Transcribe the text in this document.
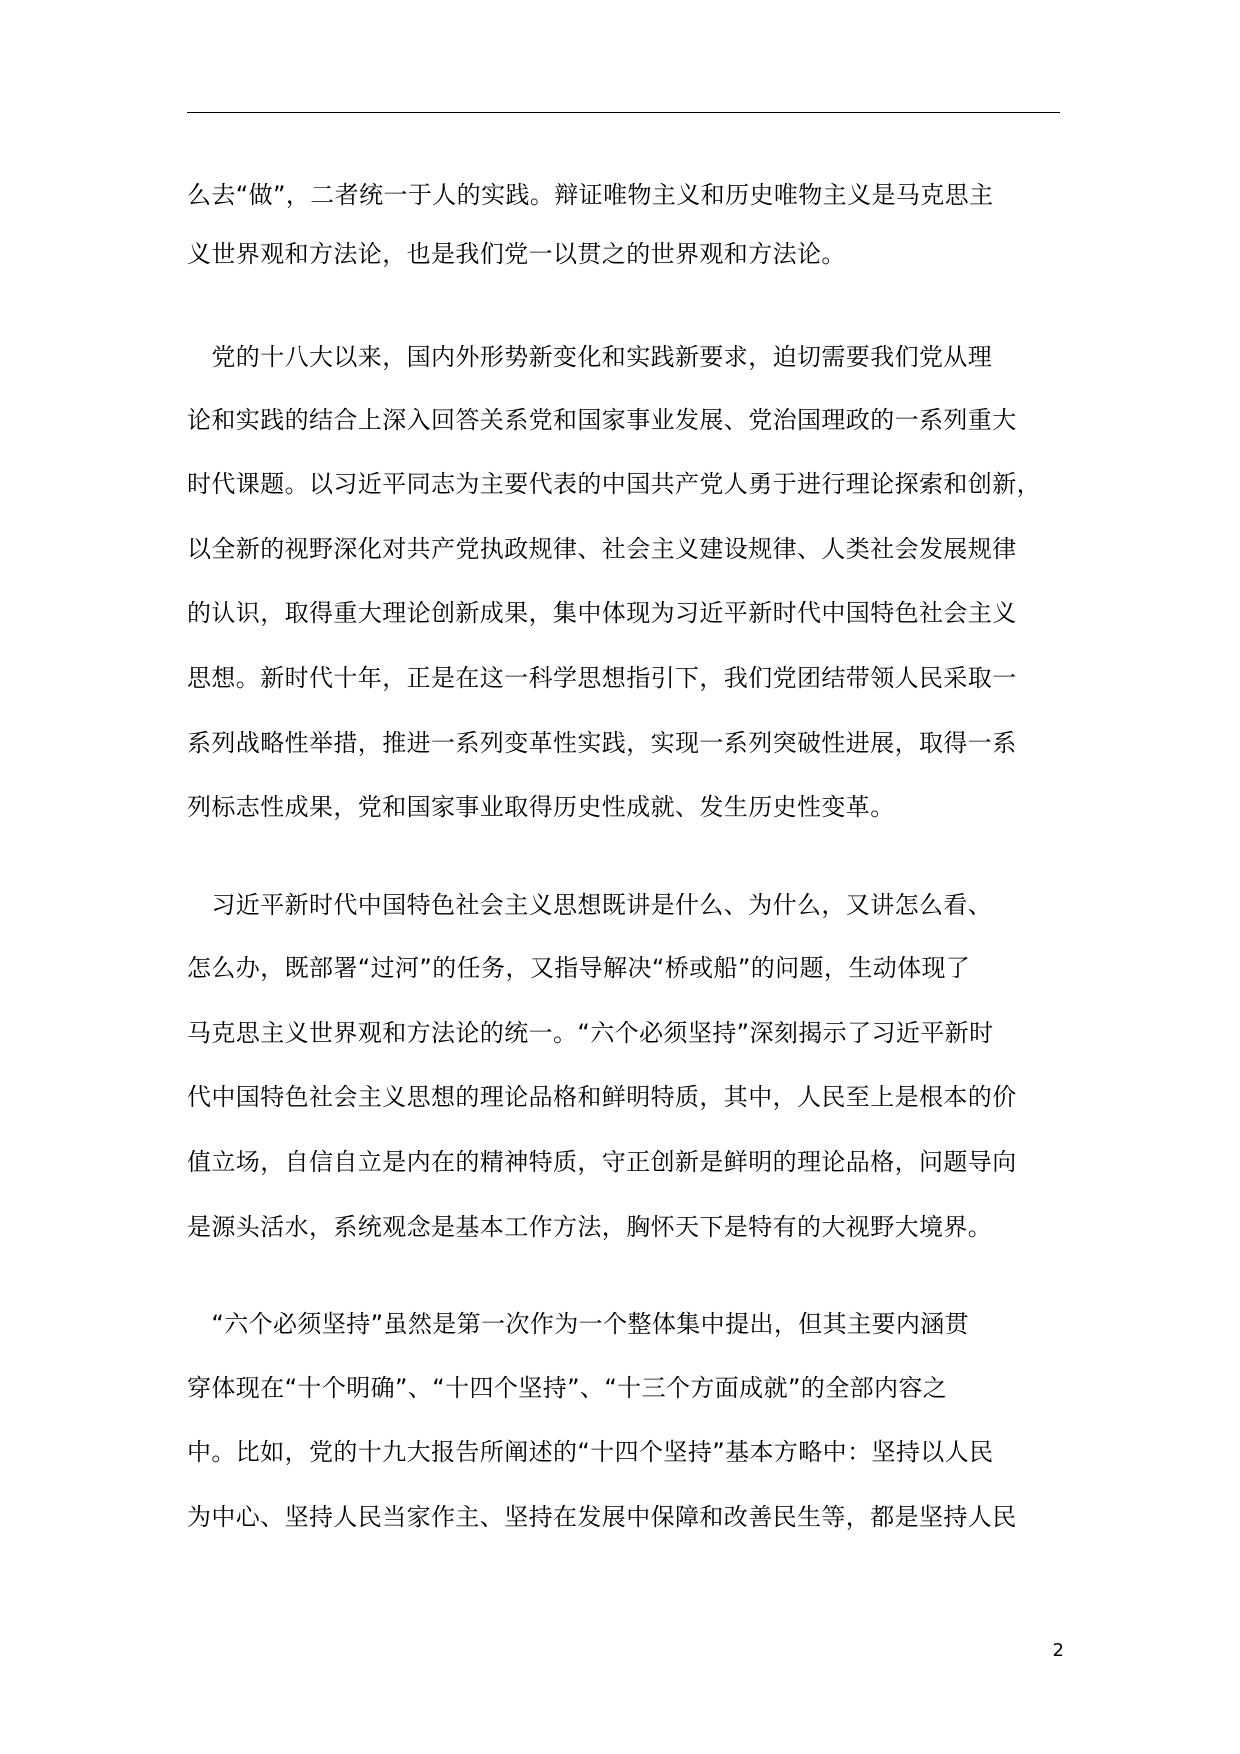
么去“做”，二者统一于人的实践。辩证唯物主义和历史唯物主义是马克思主
义世界观和方法论，也是我们党一以贯之的世界观和方法论。
　党的十八大以来，国内外形势新变化和实践新要求，迫切需要我们党从理
论和实践的结合上深入回答关系党和国家事业发展、党治国理政的一系列重大
时代课题。以习近平同志为主要代表的中国共产党人勇于进行理论探索和创新，
以全新的视野深化对共产党执政规律、社会主义建设规律、人类社会发展规律
的认识，取得重大理论创新成果，集中体现为习近平新时代中国特色社会主义
思想。新时代十年，正是在这一科学思想指引下，我们党团结带领人民采取一
系列战略性举措，推进一系列变革性实践，实现一系列突破性进展，取得一系
列标志性成果，党和国家事业取得历史性成就、发生历史性变革。
　习近平新时代中国特色社会主义思想既讲是什么、为什么，又讲怎么看、
怎么办，既部署“过河”的任务，又指导解决“桥或船”的问题，生动体现了
马克思主义世界观和方法论的统一。“六个必须坚持”深刻揭示了习近平新时
代中国特色社会主义思想的理论品格和鲜明特质，其中，人民至上是根本的价
值立场，自信自立是内在的精神特质，守正创新是鲜明的理论品格，问题导向
是源头活水，系统观念是基本工作方法，胸怀天下是特有的大视野大境界。
　“六个必须坚持”虽然是第一次作为一个整体集中提出，但其主要内涵贯
穿体现在“十个明确”、“十四个坚持”、“十三个方面成就”的全部内容之
中。比如，党的十九大报告所阐述的“十四个坚持”基本方略中：坚持以人民
为中心、坚持人民当家作主、坚持在发展中保障和改善民生等，都是坚持人民
2
